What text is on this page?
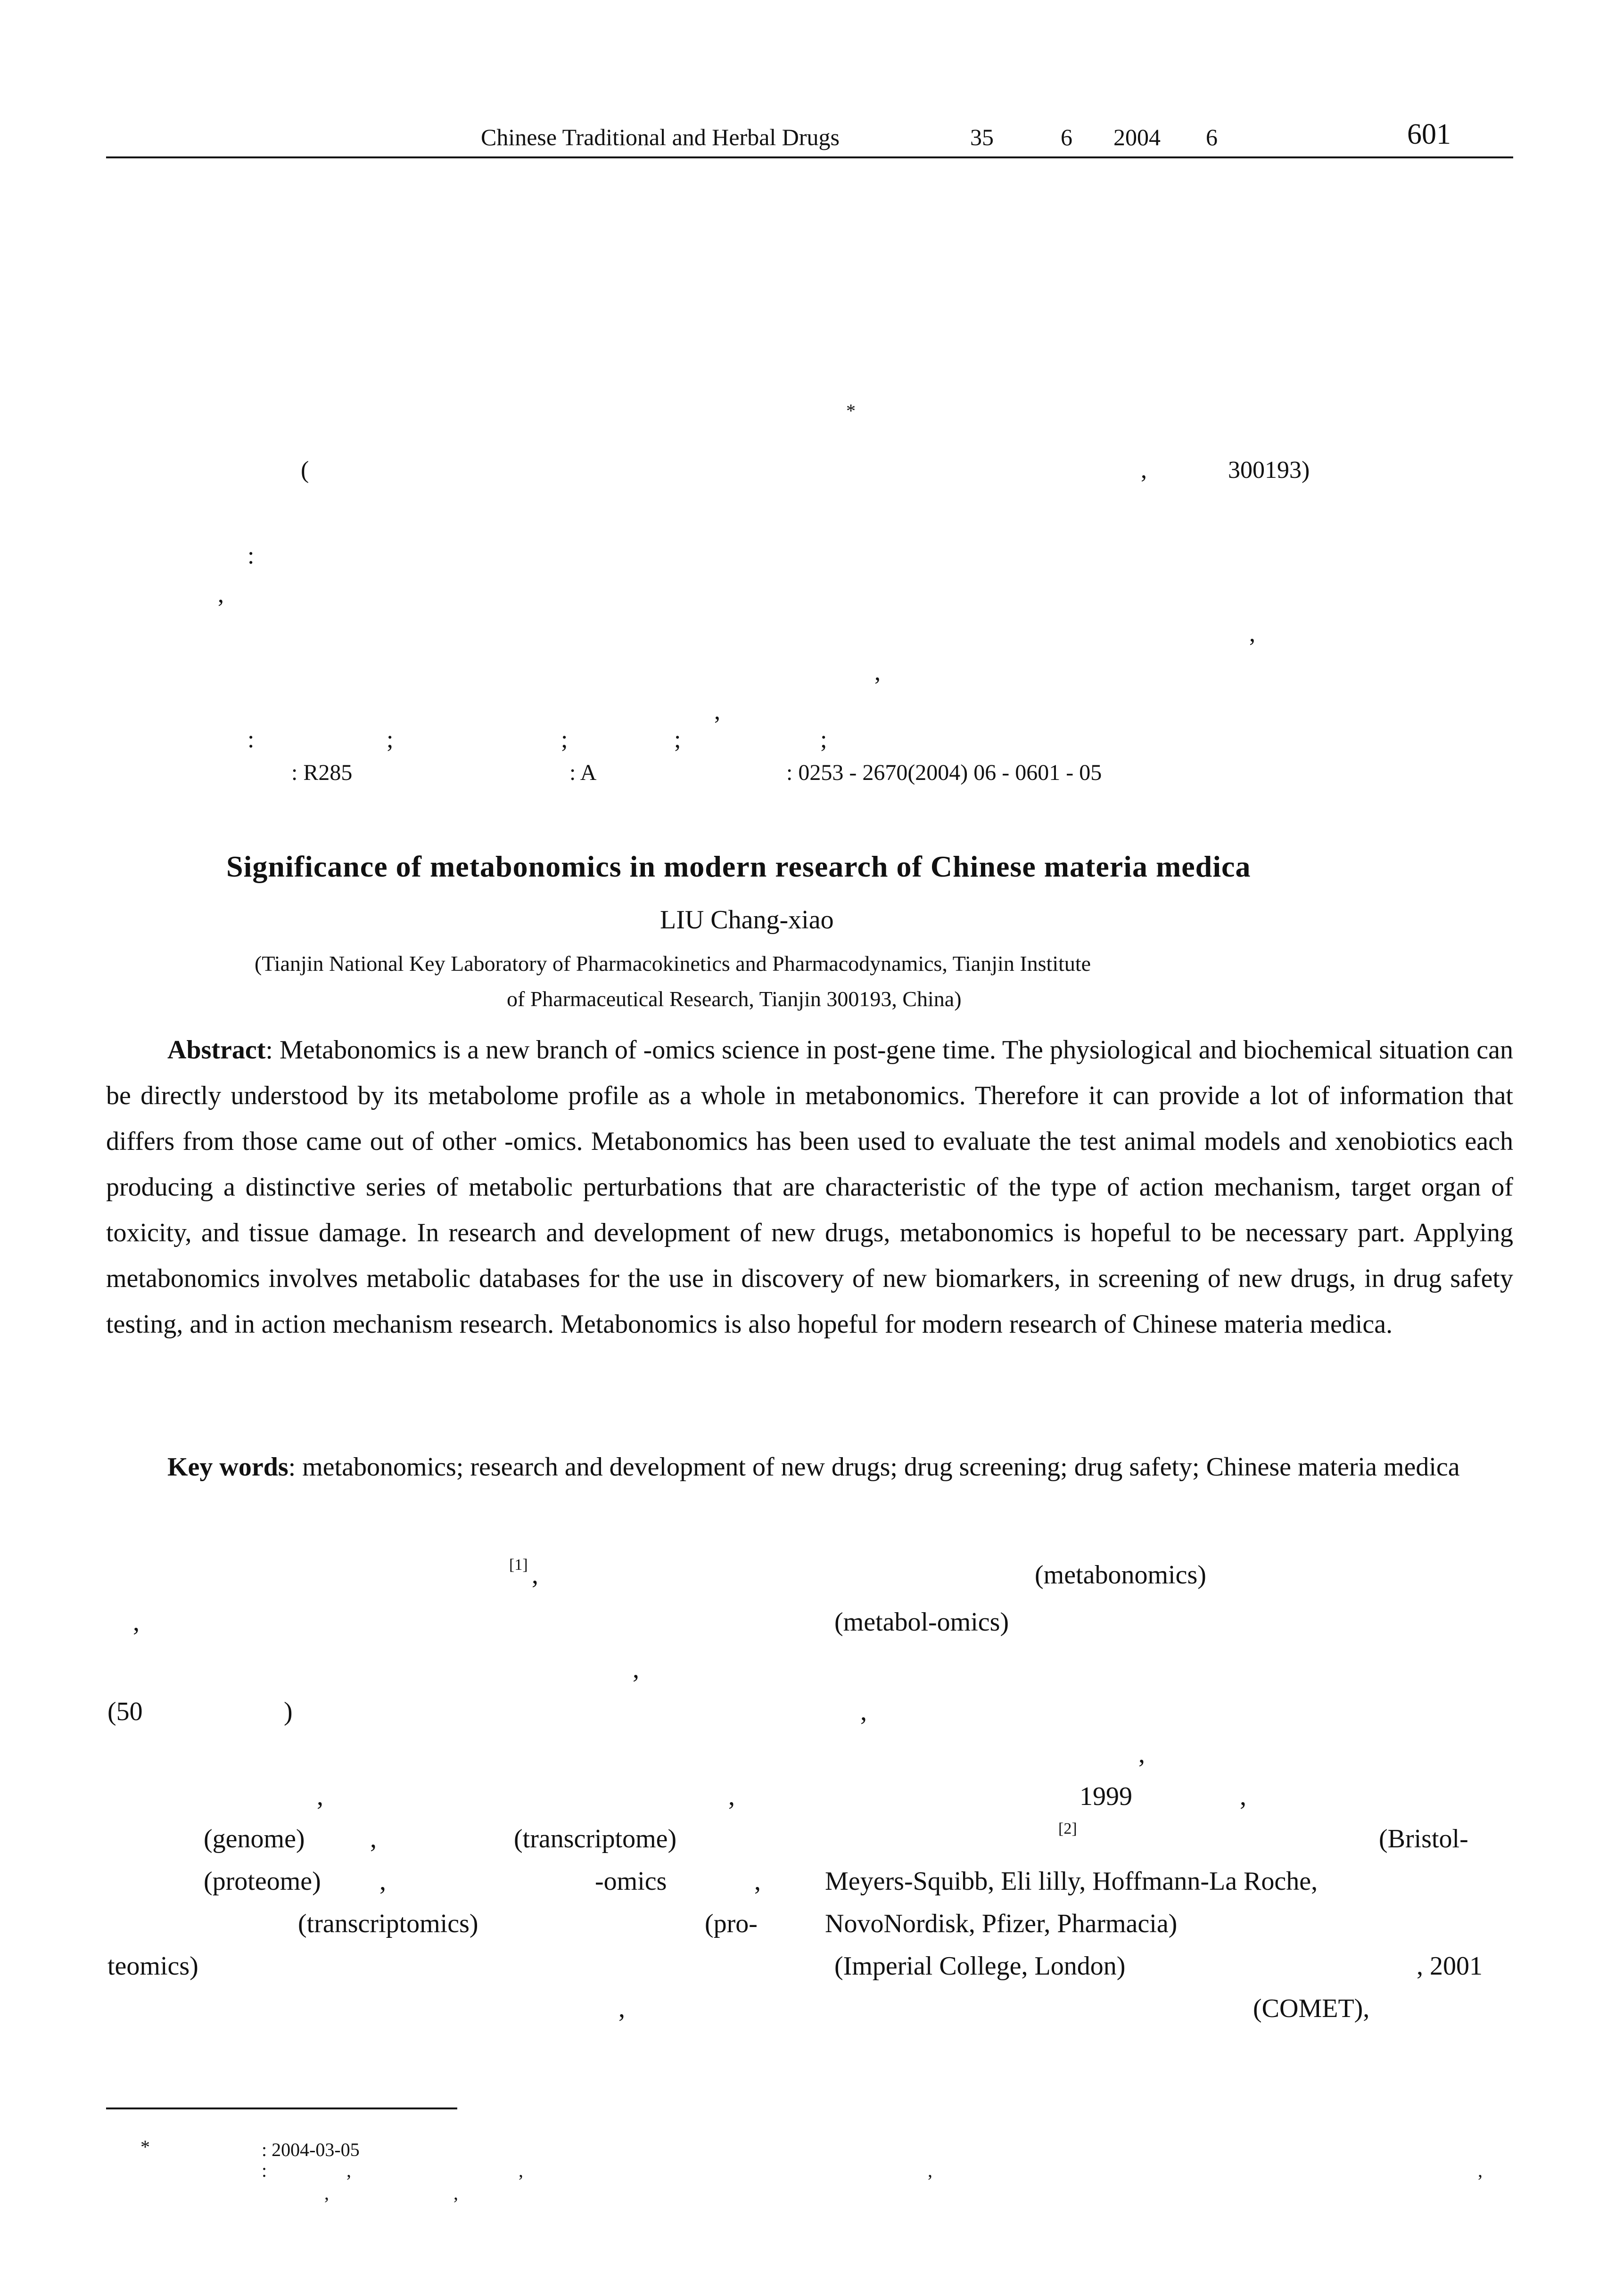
Chinese Traditional and Herbal Drugs	35	6 2004 6	601
*
(	,	300193)
:
,
,
,
,
:	;	;	;	;
: R285	: A	: 0253 - 2670(2004) 06 - 0601 - 05
Significance of metabonomics in modern research of Chinese materia medica
LIU Chang-xiao
(Tianjin National Key Laboratory of Pharmacokinetics and Pharmacodynamics, Tianjin Institute
of Pharmaceutical Research, Tianjin 300193, China)
Abstract: Metabonomics is a new branch of -omics science in post-gene time. The physiological and biochemical situation can be directly understood by its metabolome profile as a whole in metabonomics. Therefore it can provide a lot of information that differs from those came out of other -omics. Metabonomics has been used to evaluate the test animal models and xenobiotics each producing a distinctive series of metabolic perturbations that are characteristic of the type of action mechanism, target organ of toxicity, and tissue damage. In research and development of new drugs, metabonomics is hopeful to be necessary part. Applying metabonomics involves metabolic databases for the use in discovery of new biomarkers, in screening of new drugs, in drug safety testing, and in action mechanism research. Metabonomics is also hopeful for modern research of Chinese materia medica.
Key words: metabonomics; research and development of new drugs; drug screening; drug safety; Chinese materia medica
[1] ,	(metabonomics)
,	(metabol-omics)
,
(50	)	,
,
,	,	1999	,
(genome) ,	(transcriptome)	[2]	(Bristol-
(proteome) ,	-omics	, Meyers-Squibb, Eli lilly, Hoffmann-La Roche,
(transcriptomics)	(pro-	NovoNordisk, Pfizer, Pharmacia)
teomics)	(Imperial College, London)	, 2001
,	(COMET),
*	: 2004-03-05
:	,	,	,	,
,	,
